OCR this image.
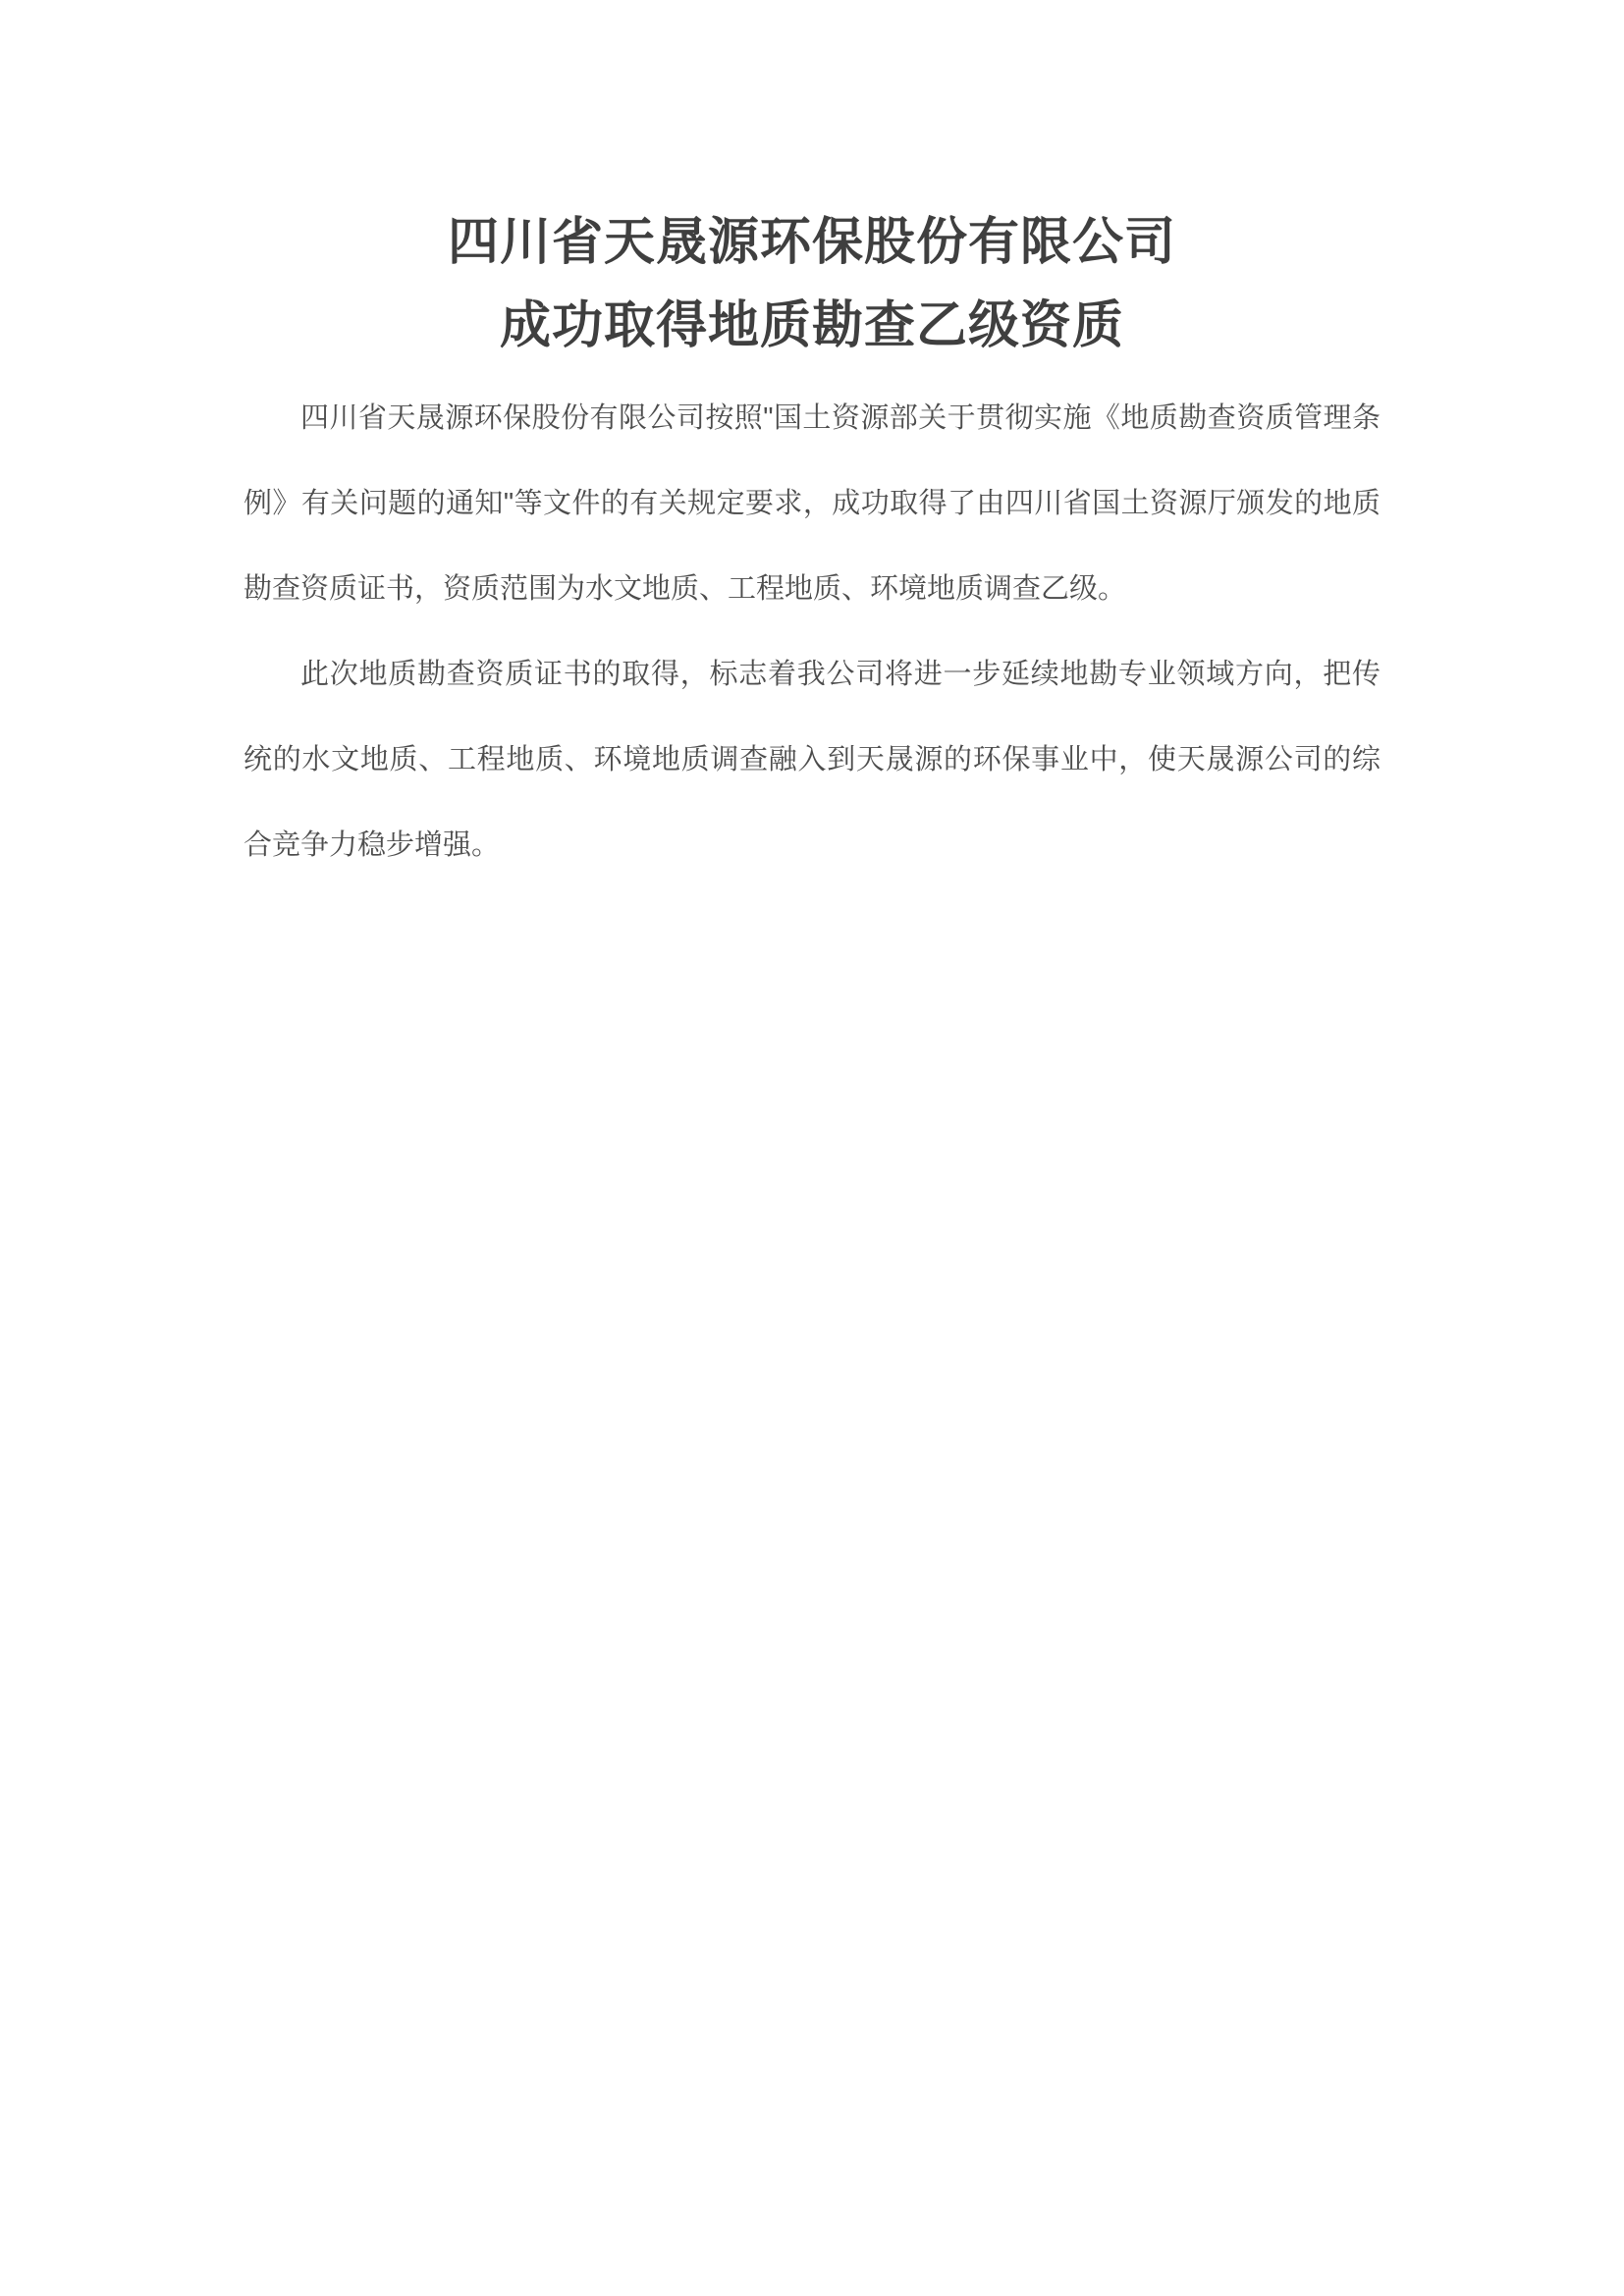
四川省天晟源环保股份有限公司
成功取得地质勘查乙级资质

四川省天晟源环保股份有限公司按照"国土资源部关于贯彻实施《地质勘查资质管理条例》有关问题的通知"等文件的有关规定要求，成功取得了由四川省国土资源厅颁发的地质勘查资质证书，资质范围为水文地质、工程地质、环境地质调查乙级。

此次地质勘查资质证书的取得，标志着我公司将进一步延续地勘专业领域方向，把传统的水文地质、工程地质、环境地质调查融入到天晟源的环保事业中，使天晟源公司的综合竞争力稳步增强。
